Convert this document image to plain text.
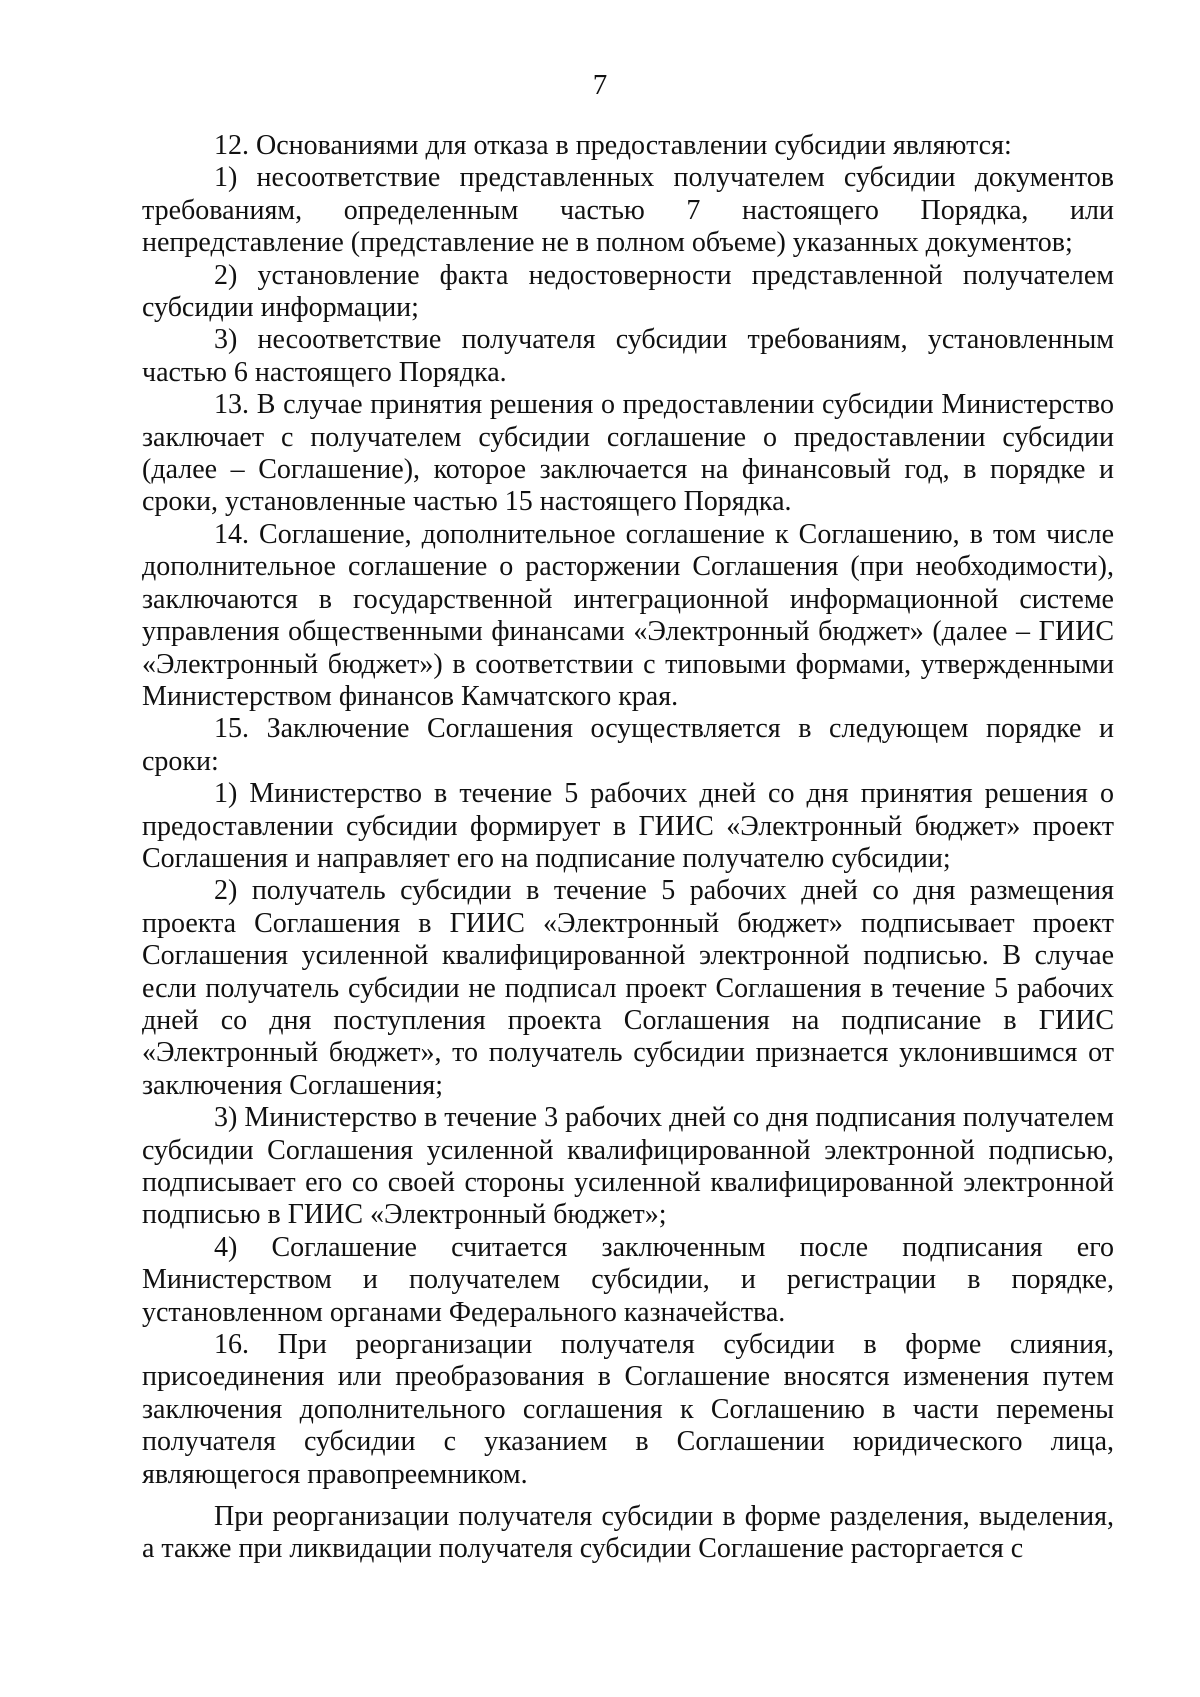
7

12. Основаниями для отказа в предоставлении субсидии являются:

1) несоответствие представленных получателем субсидии документов требованиям, определенным частью 7 настоящего Порядка, или непредставление (представление не в полном объеме) указанных документов;

2) установление факта недостоверности представленной получателем субсидии информации;

3) несоответствие получателя субсидии требованиям, установленным частью 6 настоящего Порядка.

13. В случае принятия решения о предоставлении субсидии Министерство заключает с получателем субсидии соглашение о предоставлении субсидии (далее – Соглашение), которое заключается на финансовый год, в порядке и сроки, установленные частью 15 настоящего Порядка.

14. Соглашение, дополнительное соглашение к Соглашению, в том числе дополнительное соглашение о расторжении Соглашения (при необходимости), заключаются в государственной интеграционной информационной системе управления общественными финансами «Электронный бюджет» (далее – ГИИС «Электронный бюджет») в соответствии с типовыми формами, утвержденными Министерством финансов Камчатского края.

15. Заключение Соглашения осуществляется в следующем порядке и сроки:

1) Министерство в течение 5 рабочих дней со дня принятия решения о предоставлении субсидии формирует в ГИИС «Электронный бюджет» проект Соглашения и направляет его на подписание получателю субсидии;

2) получатель субсидии в течение 5 рабочих дней со дня размещения проекта Соглашения в ГИИС «Электронный бюджет» подписывает проект Соглашения усиленной квалифицированной электронной подписью. В случае если получатель субсидии не подписал проект Соглашения в течение 5 рабочих дней со дня поступления проекта Соглашения на подписание в ГИИС «Электронный бюджет», то получатель субсидии признается уклонившимся от заключения Соглашения;

3) Министерство в течение 3 рабочих дней со дня подписания получателем субсидии Соглашения усиленной квалифицированной электронной подписью, подписывает его со своей стороны усиленной квалифицированной электронной подписью в ГИИС «Электронный бюджет»;

4) Соглашение считается заключенным после подписания его Министерством и получателем субсидии, и регистрации в порядке, установленном органами Федерального казначейства.

16. При реорганизации получателя субсидии в форме слияния, присоединения или преобразования в Соглашение вносятся изменения путем заключения дополнительного соглашения к Соглашению в части перемены получателя субсидии с указанием в Соглашении юридического лица, являющегося правопреемником.

При реорганизации получателя субсидии в форме разделения, выделения, а также при ликвидации получателя субсидии Соглашение расторгается с
